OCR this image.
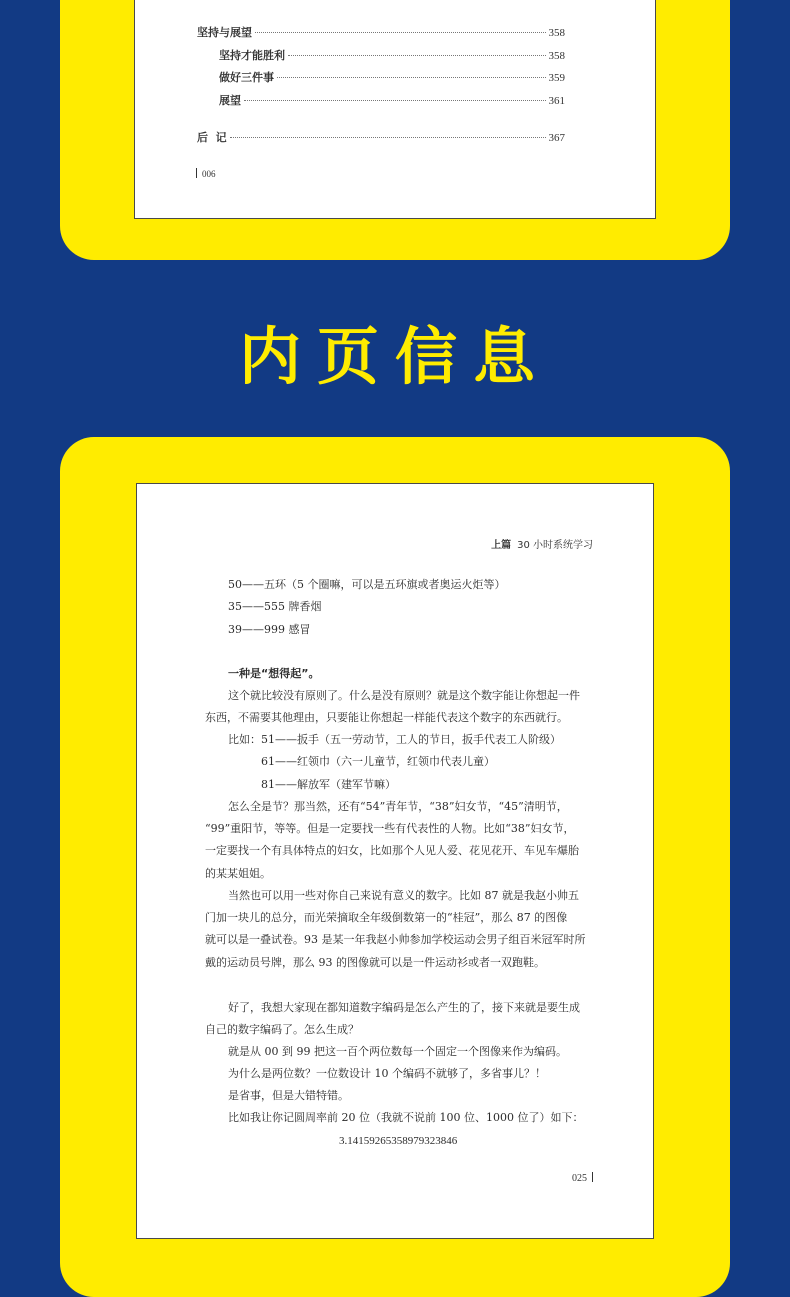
坚持与展望	358
坚持才能胜利	358
做好三件事	359
展望	361
后  记	367
006
内页信息
上篇 30 小时系统学习
50——五环（5 个圈嘛，可以是五环旗或者奥运火炬等）
35——555 牌香烟
39——999 感冒
一种是“想得起”。
这个就比较没有原则了。什么是没有原则？就是这个数字能让你想起一件
东西，不需要其他理由，只要能让你想起一样能代表这个数字的东西就行。
比如：51——扳手（五一劳动节，工人的节日，扳手代表工人阶级）
61——红领巾（六一儿童节，红领巾代表儿童）
81——解放军（建军节嘛）
怎么全是节？那当然，还有“54”青年节，“38”妇女节，“45”清明节，
“99”重阳节，等等。但是一定要找一些有代表性的人物。比如“38”妇女节，
一定要找一个有具体特点的妇女，比如那个人见人爱、花见花开、车见车爆胎
的某某姐姐。
当然也可以用一些对你自己来说有意义的数字。比如 87 就是我赵小帅五
门加一块儿的总分，而光荣摘取全年级倒数第一的“桂冠”，那么 87 的图像
就可以是一叠试卷。93 是某一年我赵小帅参加学校运动会男子组百米冠军时所
戴的运动员号牌，那么 93 的图像就可以是一件运动衫或者一双跑鞋。
好了，我想大家现在都知道数字编码是怎么产生的了，接下来就是要生成
自己的数字编码了。怎么生成？
就是从 00 到 99 把这一百个两位数每一个固定一个图像来作为编码。
为什么是两位数？一位数设计 10 个编码不就够了，多省事儿？！
是省事，但是大错特错。
比如我让你记圆周率前 20 位（我就不说前 100 位、1000 位了）如下：
3.14159265358979323846
025
